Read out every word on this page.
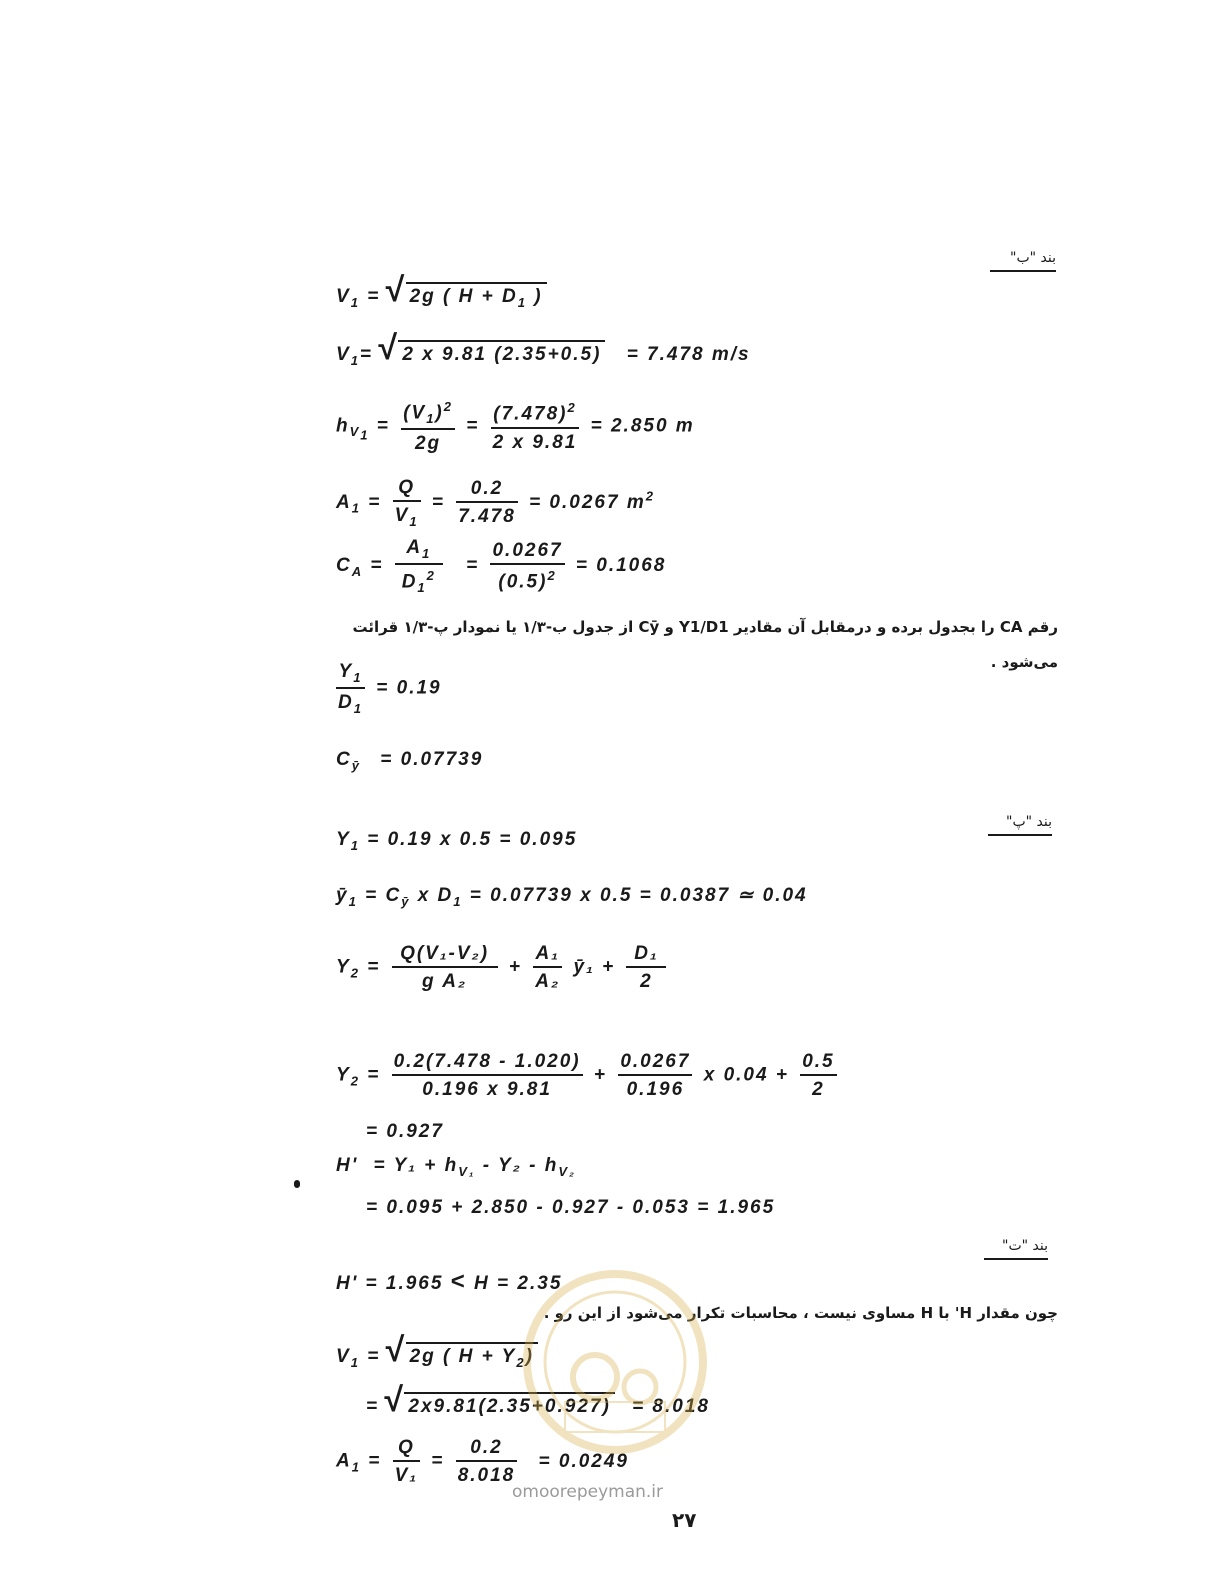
بند "ب"
بند "پ"
بند "ت"
$V_1$ = √ 2g ( $H + D_1$ )
$V_1=$ √ 2 x 9.81 (2.35+0.5) = 7.478 m/s
$h_{V_1} = \frac{(V_1)^2}{2g} = \frac{(7.478)^2}{2 x 9.81} = 2.850$ m
$A_1 = \frac{Q}{V_1} = \frac{0.2}{7.478} = 0.0267$ $m^2$
$C_A = \frac{A_1}{D_1^2} = \frac{0.0267}{(0.5)^2} = 0.1068$
رقم CA را بجدول برده و درمقابل آن مقادیر Y1/D1 و Cȳ از جدول ب-۱/۳ یا نمودار پ-۱/۳ قرائت
می‌شود .
$\frac{Y_1}{D_1} = 0.19$
$C_ȳ = 0.07739$
$Y_1 = 0.19$ x 0.5 = 0.095
$ȳ_1 = C_ȳ$ x $D_1 = 0.07739$ x 0.5 = 0.0387 ≃ 0.04
$Y_2 = \frac{\text{Q(V₁-V₂)}}{\text{g A₂}} + \frac{\text{A₁}}{\text{A₂}}$ ȳ₁ + $\frac{\text{D₁}}{2}$
$Y_2 = \frac{0.2(7.478 - 1.020)}{0.196 x 9.81} + \frac{0.0267}{0.196}$ x $0.04 + \frac{0.5}{2}$
= 0.927
$H' = Y_1 + h_{V_1} - Y_2 - h_{V_2}$
= 0.095 + 2.850 - 0.927 - 0.053 = 1.965
H' = 1.965 < H = 2.35
چون مقدار H' با H مساوی نیست ، محاسبات تکرار می‌شود از این رو .
$V_1$ = √ 2g ( $H + Y_2$)
= √ 2x9.81(2.35+0.927) = 8.018
$A_1 = \frac{Q}{\text{V₁}} = \frac{0.2}{8.018} = 0.0249$
omoorepeyman.ir
۲۷
